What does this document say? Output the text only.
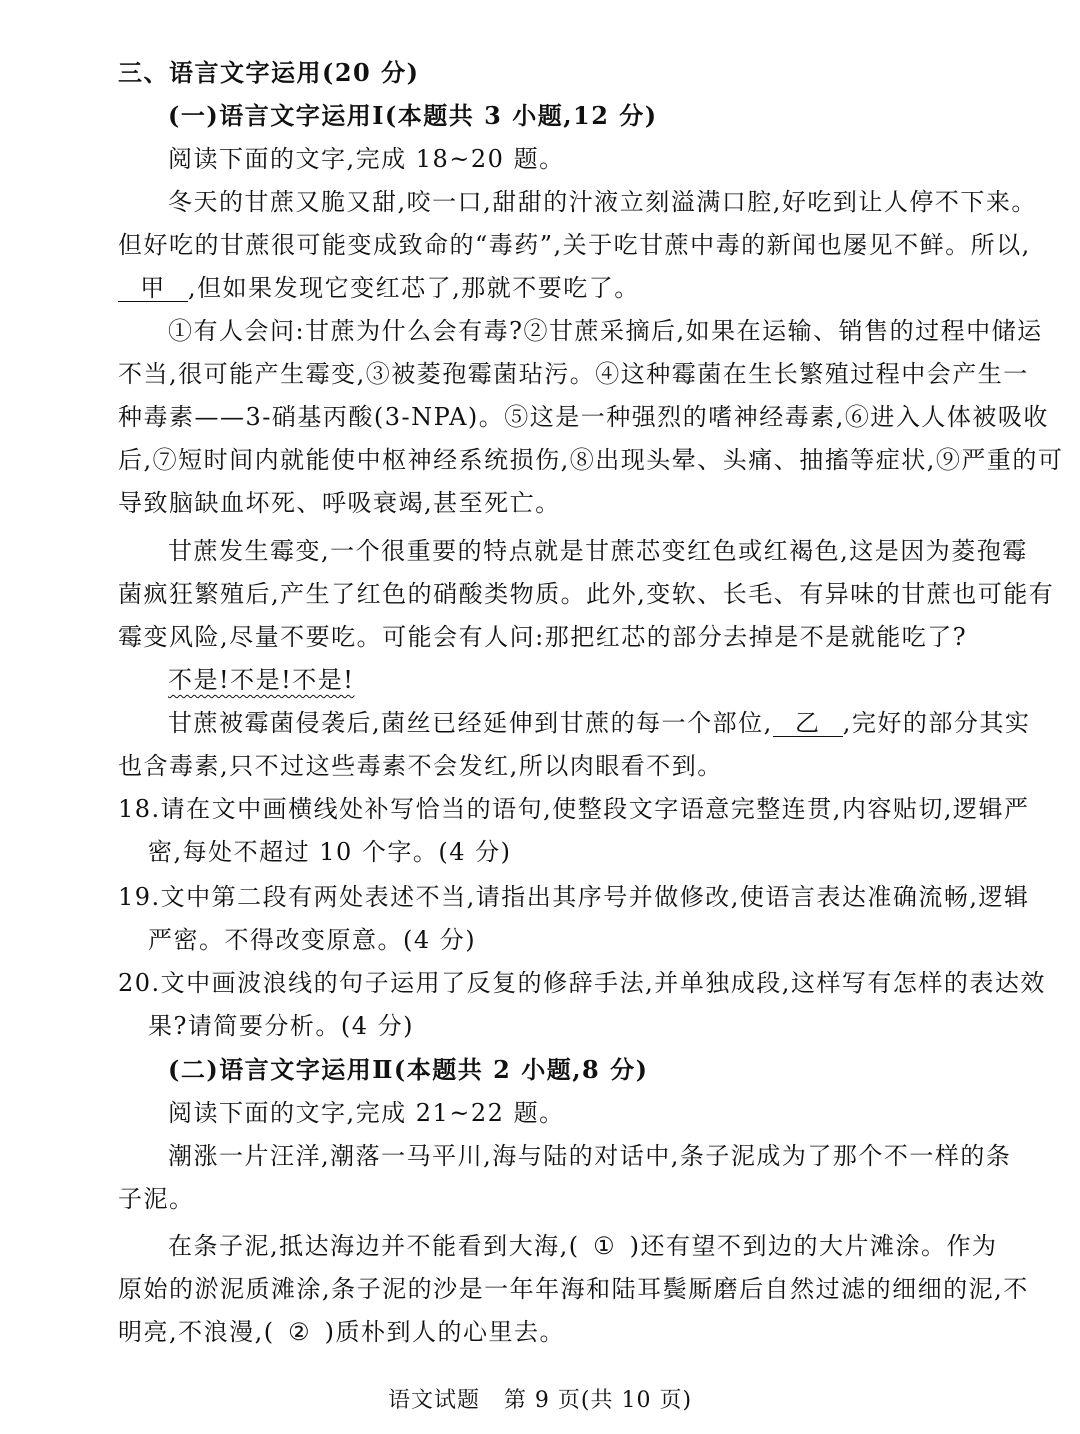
三、语言文字运用(20 分)
(一)语言文字运用Ⅰ(本题共 3 小题,12 分)
阅读下面的文字,完成 18~20 题。
冬天的甘蔗又脆又甜,咬一口,甜甜的汁液立刻溢满口腔,好吃到让人停不下来。
但好吃的甘蔗很可能变成致命的“毒药”,关于吃甘蔗中毒的新闻也屡见不鲜。所以,
甲 ,但如果发现它变红芯了,那就不要吃了。
①有人会问:甘蔗为什么会有毒?②甘蔗采摘后,如果在运输、销售的过程中储运
不当,很可能产生霉变,③被菱孢霉菌玷污。④这种霉菌在生长繁殖过程中会产生一
种毒素——3-硝基丙酸(3-NPA)。⑤这是一种强烈的嗜神经毒素,⑥进入人体被吸收
后,⑦短时间内就能使中枢神经系统损伤,⑧出现头晕、头痛、抽搐等症状,⑨严重的可
导致脑缺血坏死、呼吸衰竭,甚至死亡。
甘蔗发生霉变,一个很重要的特点就是甘蔗芯变红色或红褐色,这是因为菱孢霉
菌疯狂繁殖后,产生了红色的硝酸类物质。此外,变软、长毛、有异味的甘蔗也可能有
霉变风险,尽量不要吃。可能会有人问:那把红芯的部分去掉是不是就能吃了?
不是!不是!不是!
甘蔗被霉菌侵袭后,菌丝已经延伸到甘蔗的每一个部位, 乙 ,完好的部分其实
也含毒素,只不过这些毒素不会发红,所以肉眼看不到。
18.请在文中画横线处补写恰当的语句,使整段文字语意完整连贯,内容贴切,逻辑严
密,每处不超过 10 个字。(4 分)
19.文中第二段有两处表述不当,请指出其序号并做修改,使语言表达准确流畅,逻辑
严密。不得改变原意。(4 分)
20.文中画波浪线的句子运用了反复的修辞手法,并单独成段,这样写有怎样的表达效
果?请简要分析。(4 分)
(二)语言文字运用Ⅱ(本题共 2 小题,8 分)
阅读下面的文字,完成 21~22 题。
潮涨一片汪洋,潮落一马平川,海与陆的对话中,条子泥成为了那个不一样的条
子泥。
在条子泥,抵达海边并不能看到大海,( ① )还有望不到边的大片滩涂。作为
原始的淤泥质滩涂,条子泥的沙是一年年海和陆耳鬓厮磨后自然过滤的细细的泥,不
明亮,不浪漫,( ② )质朴到人的心里去。
语文试题   第 9 页(共 10 页)
